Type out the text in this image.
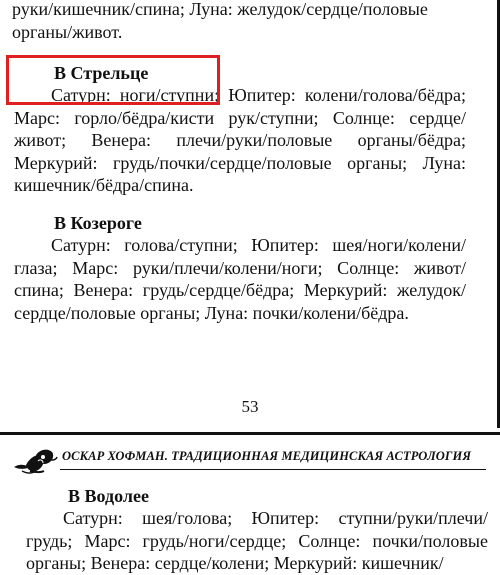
руки/кишечник/спина; Луна: желудок/сердце/половые

органы/живот.

В Стрельце

Сатурн: ноги/ступни; Юпитер: колени/голова/бёдра; Марс: горло/бёдра/кисти рук/ступни; Солнце: сердце/живот; Венера: плечи/руки/половые органы/бёдра; Меркурий: грудь/почки/сердце/половые органы; Луна: кишечник/бёдра/спина.

В Козероге

Сатурн: голова/ступни; Юпитер: шея/ноги/колени/глаза; Марс: руки/плечи/колени/ноги; Солнце: живот/спина; Венера: грудь/сердце/бёдра; Меркурий: желудок/сердце/половые органы; Луна: почки/колени/бёдра.

53
ОСКАР ХОФМАН. ТРАДИЦИОННАЯ МЕДИЦИНСКАЯ АСТРОЛОГИЯ

В Водолее

Сатурн: шея/голова; Юпитер: ступни/руки/плечи/грудь; Марс: грудь/ноги/сердце; Солнце: почки/половые органы; Венера: сердце/колени; Меркурий: кишечник/
